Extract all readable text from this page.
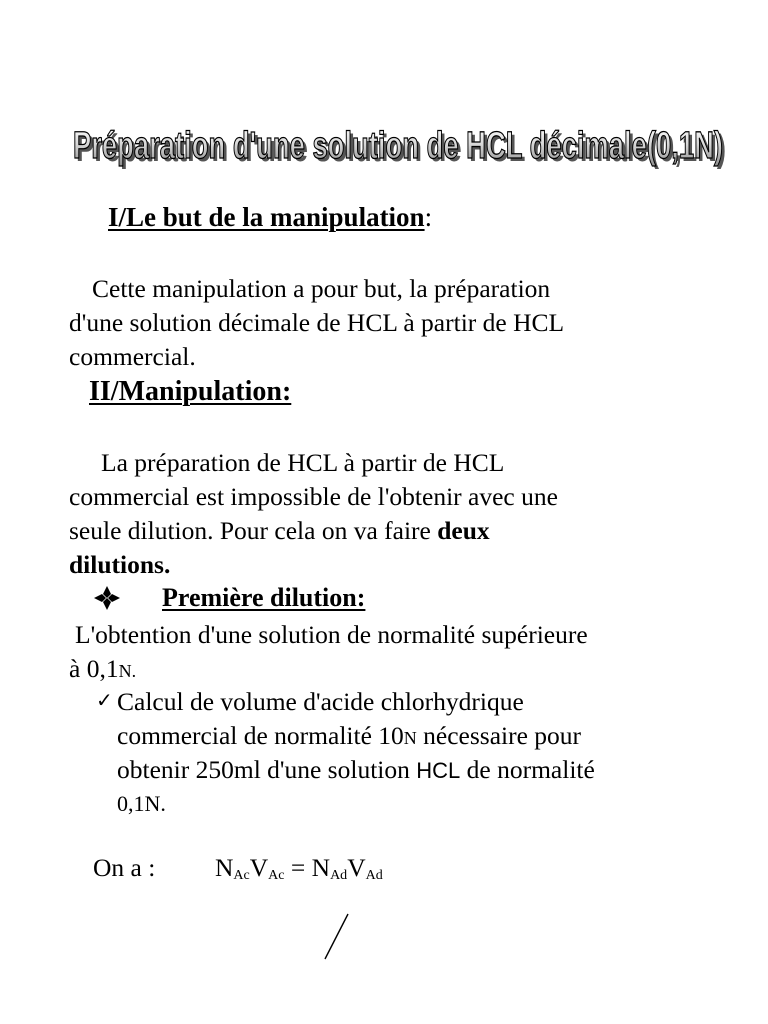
Préparation d'une solution de HCL décimale(0,1N)
Préparation d'une solution de HCL décimale(0,1N)
I/Le but de la manipulation:
Cette manipulation a pour but, la préparation
d'une solution décimale de HCL à partir de HCL
commercial.
II/Manipulation:
La préparation de HCL à partir de HCL
commercial est impossible de l'obtenir avec une
seule dilution. Pour cela on va faire deux
dilutions.
Première dilution:
L'obtention d'une solution de normalité supérieure
à 0,1N.
✓ Calcul de volume d'acide chlorhydrique
commercial de normalité 10N nécessaire pour
obtenir 250ml d'une solution HCL de normalité
0,1N.
On a : $N_{Ac}V_{Ac} = N_{Ad}V_{Ad}$
